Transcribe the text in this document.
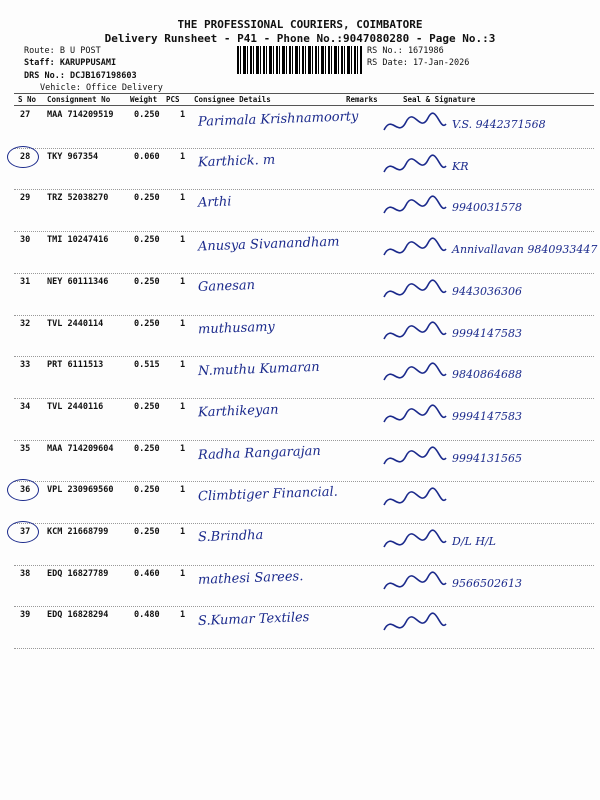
THE PROFESSIONAL COURIERS, COIMBATORE
Delivery Runsheet - P41 - Phone No.:9047080280 - Page No.:3
Route: B U POST
Staff: KARUPPUSAMI
DRS No.: DCJB167198603
Vehicle: Office Delivery
RS No.: 1671986
RS Date: 17-Jan-2026
S No Consignment No	Weight PCS Consignee Details	Remarks	Seal & Signature
27 MAA 714209519 0.250 1 Parimala Krishnamoorty	V.S. 9442371568
28 TKY 967354	0.060 1 Karthick. m	KR
29 TRZ 52038270	0.250 1 Arthi	9940031578
30 TMI 10247416	0.250 1 Anusya Sivanandham	Annivallavan 9840933447
31 NEY 60111346	0.250 1 Ganesan	9443036306
32 TVL 2440114	0.250 1 muthusamy	9994147583
33 PRT 6111513	0.515 1 N.muthu Kumaran	9840864688
34 TVL 2440116	0.250 1 Karthikeyan	9994147583
35 MAA 714209604 0.250 1 Radha Rangarajan	9994131565
36 VPL 230969560 0.250 1 Climbtiger Financial.
37 KCM 21668799	0.250 1 S.Brindha	D/L H/L
38 EDQ 16827789	0.460 1 mathesi Sarees.	9566502613
39 EDQ 16828294	0.480 1 S.Kumar Textiles
